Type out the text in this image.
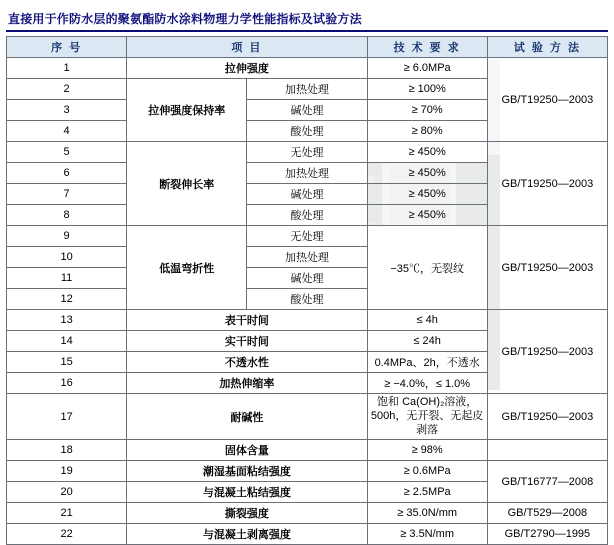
直接用于作防水层的聚氨酯防水涂料物理力学性能指标及试验方法
序 号	项 目		技 术 要 求	试 验 方 法
1	拉伸强度		≥ 6.0MPa	GB/T19250—2003
2	拉伸强度保持率	加热处理	≥ 100%	
3		碱处理	≥ 70%	
4		酸处理	≥ 80%	
5	断裂伸长率	无处理	≥ 450%	GB/T19250—2003
6		加热处理	≥ 450%	
7		碱处理	≥ 450%	
8		酸处理	≥ 450%	
9	低温弯折性	无处理	−35℃，无裂纹	GB/T19250—2003
10		加热处理		
11		碱处理		
12		酸处理		
13	表干时间		≤ 4h	GB/T19250—2003
14	实干时间		≤ 24h	
15	不透水性		0.4MPa、2h，不透水	
16	加热伸缩率		≥ −4.0%，≤ 1.0%	
17	耐碱性		饱和 Ca(OH)₂溶液，500h，无开裂、无起皮剥落	GB/T19250—2003
18	固体含量		≥ 98%	
19	潮湿基面粘结强度		≥ 0.6MPa	GB/T16777—2008
20	与混凝土粘结强度		≥ 2.5MPa	
21	撕裂强度		≥ 35.0N/mm	GB/T529—2008
22	与混凝土剥离强度		≥ 3.5N/mm	GB/T2790—1995
